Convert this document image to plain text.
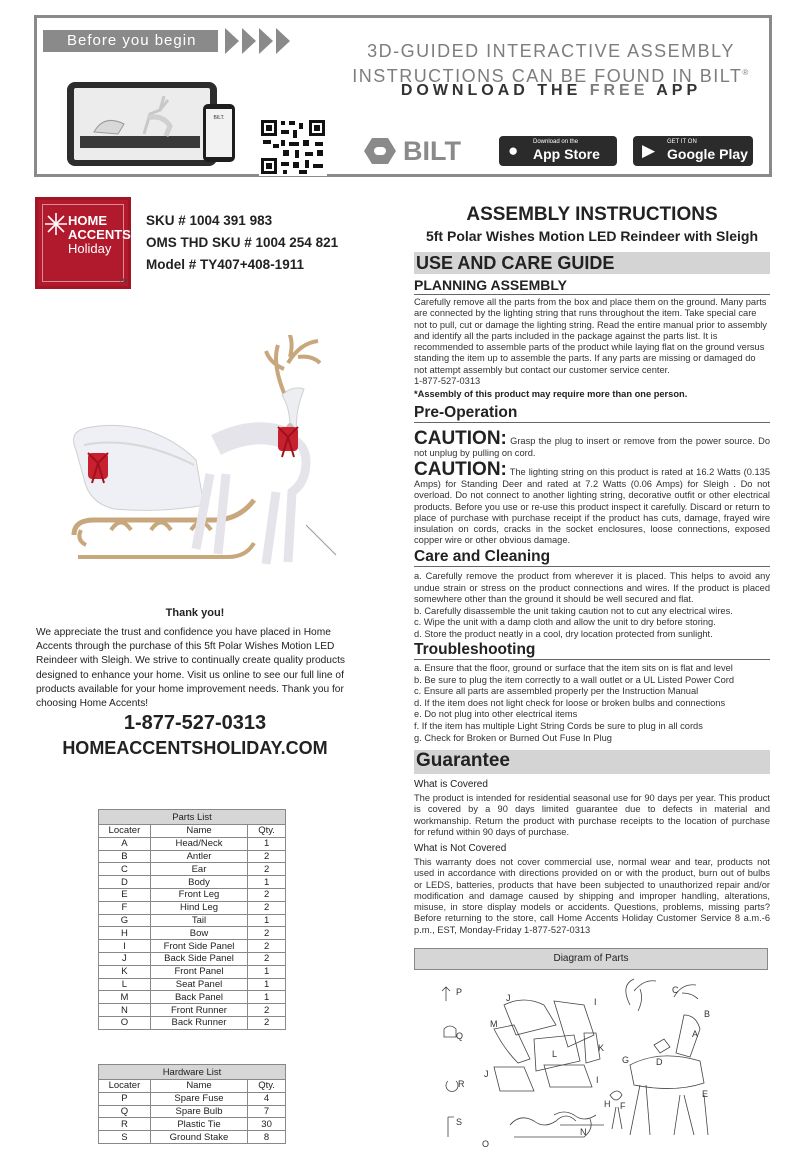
Before you begin
BILT.
3D-GUIDED INTERACTIVE ASSEMBLY
INSTRUCTIONS CAN BE FOUND IN BILT®
DOWNLOAD THE FREE APP
BILT	● Download on the
App Store ▶ GET IT ON
Google Play
HOME
ACCENTS
Holiday
TM
SKU # 1004 391 983
OMS THD SKU # 1004 254 821
Model # TY407+408-1911
Thank you!
We appreciate the trust and confidence you have placed in Home Accents through the purchase of this 5ft Polar Wishes Motion LED Reindeer with Sleigh. We strive to continually create quality products designed to enhance your home. Visit us online to see our full line of products available for your home improvement needs. Thank you for choosing Home Accents!
1-877-527-0313
HOMEACCENTSHOLIDAY.COM
Parts List		
Locater	Name	Qty.
A	Head/Neck	1
B	Antler	2
C	Ear	2
D	Body	1
E	Front Leg	2
F	Hind Leg	2
G	Tail	1
H	Bow	2
I	Front Side Panel	2
J	Back Side Panel	2
K	Front Panel	1
L	Seat Panel	1
M	Back Panel	1
N	Front Runner	2
O	Back Runner	2
Hardware List		
Locater	Name	Qty.
P	Spare Fuse	4
Q	Spare Bulb	7
R	Plastic Tie	30
S	Ground Stake	8
ASSEMBLY INSTRUCTIONS
5ft Polar Wishes Motion LED Reindeer with Sleigh
USE AND CARE GUIDE
PLANNING ASSEMBLY
Carefully remove all the parts from the box and place them on the ground. Many parts are connected by the lighting string that runs throughout the item. Take special care not to pull, cut or damage the lighting string. Read the entire manual prior to assembly and identify all the parts included in the package against the parts list. It is recommended to assemble parts of the product while laying flat on the ground versus standing the item up to assemble the parts. If any parts are missing or damaged do not attempt assembly but contact our customer service center.
1-877-527-0313
*Assembly of this product may require more than one person.
Pre-Operation
CAUTION: Grasp the plug to insert or remove from the power source. Do not unplug by pulling on cord.
CAUTION: The lighting string on this product is rated at 16.2 Watts (0.135 Amps) for Standing Deer and rated at 7.2 Watts (0.06 Amps) for Sleigh . Do not overload. Do not connect to another lighting string, decorative outfit or other electrical products. Before you use or re-use this product inspect it carefully. Discard or return to place of purchase with purchase receipt if the product has cuts, damage, frayed wire insulation on cords, cracks in the socket enclosures, loose connections, exposed copper wire or other obvious damage.
Care and Cleaning
a. Carefully remove the product from wherever it is placed. This helps to avoid any undue strain or stress on the product connections and wires. If the product is placed somewhere other than the ground it should be well secured and flat.
b. Carefully disassemble the unit taking caution not to cut any electrical wires.
c. Wipe the unit with a damp cloth and allow the unit to dry before storing.
d. Store the product neatly in a cool, dry location protected from sunlight.
Troubleshooting
a. Ensure that the floor, ground or surface that the item sits on is flat and level
b. Be sure to plug the item correctly to a wall outlet or a UL Listed Power Cord
c. Ensure all parts are assembled properly per the Instruction Manual
d. If the item does not light check for loose or broken bulbs and connections
e. Do not plug into other electrical items
f. If the item has multiple Light String Cords be sure to plug in all cords
g. Check for Broken or Burned Out Fuse In Plug
Guarantee
What is Covered
The product is intended for residential seasonal use for 90 days per year. This product is covered by a 90 days limited guarantee due to defects in material and workmanship. Return the product with purchase receipts to the location of purchase for refund within 90 days of purchase.
What is Not Covered
This warranty does not cover commercial use, normal wear and tear, products not used in accordance with directions provided on or with the product, burn out of bulbs or LEDS, batteries, products that have been subjected to unauthorized repair and/or modification and damage caused by shipping and improper handling, alterations, misuse, in store display models or accidents. Questions, problems, missing parts? Before returning to the store, call Home Accents Holiday Customer Service 8 a.m.-6 p.m., EST, Monday-Friday 1-877-527-0313
Diagram of Parts
P
Q
R
S
J	I
M
L
K
J
I
O
N
H F
G	D
E
C
B
A
